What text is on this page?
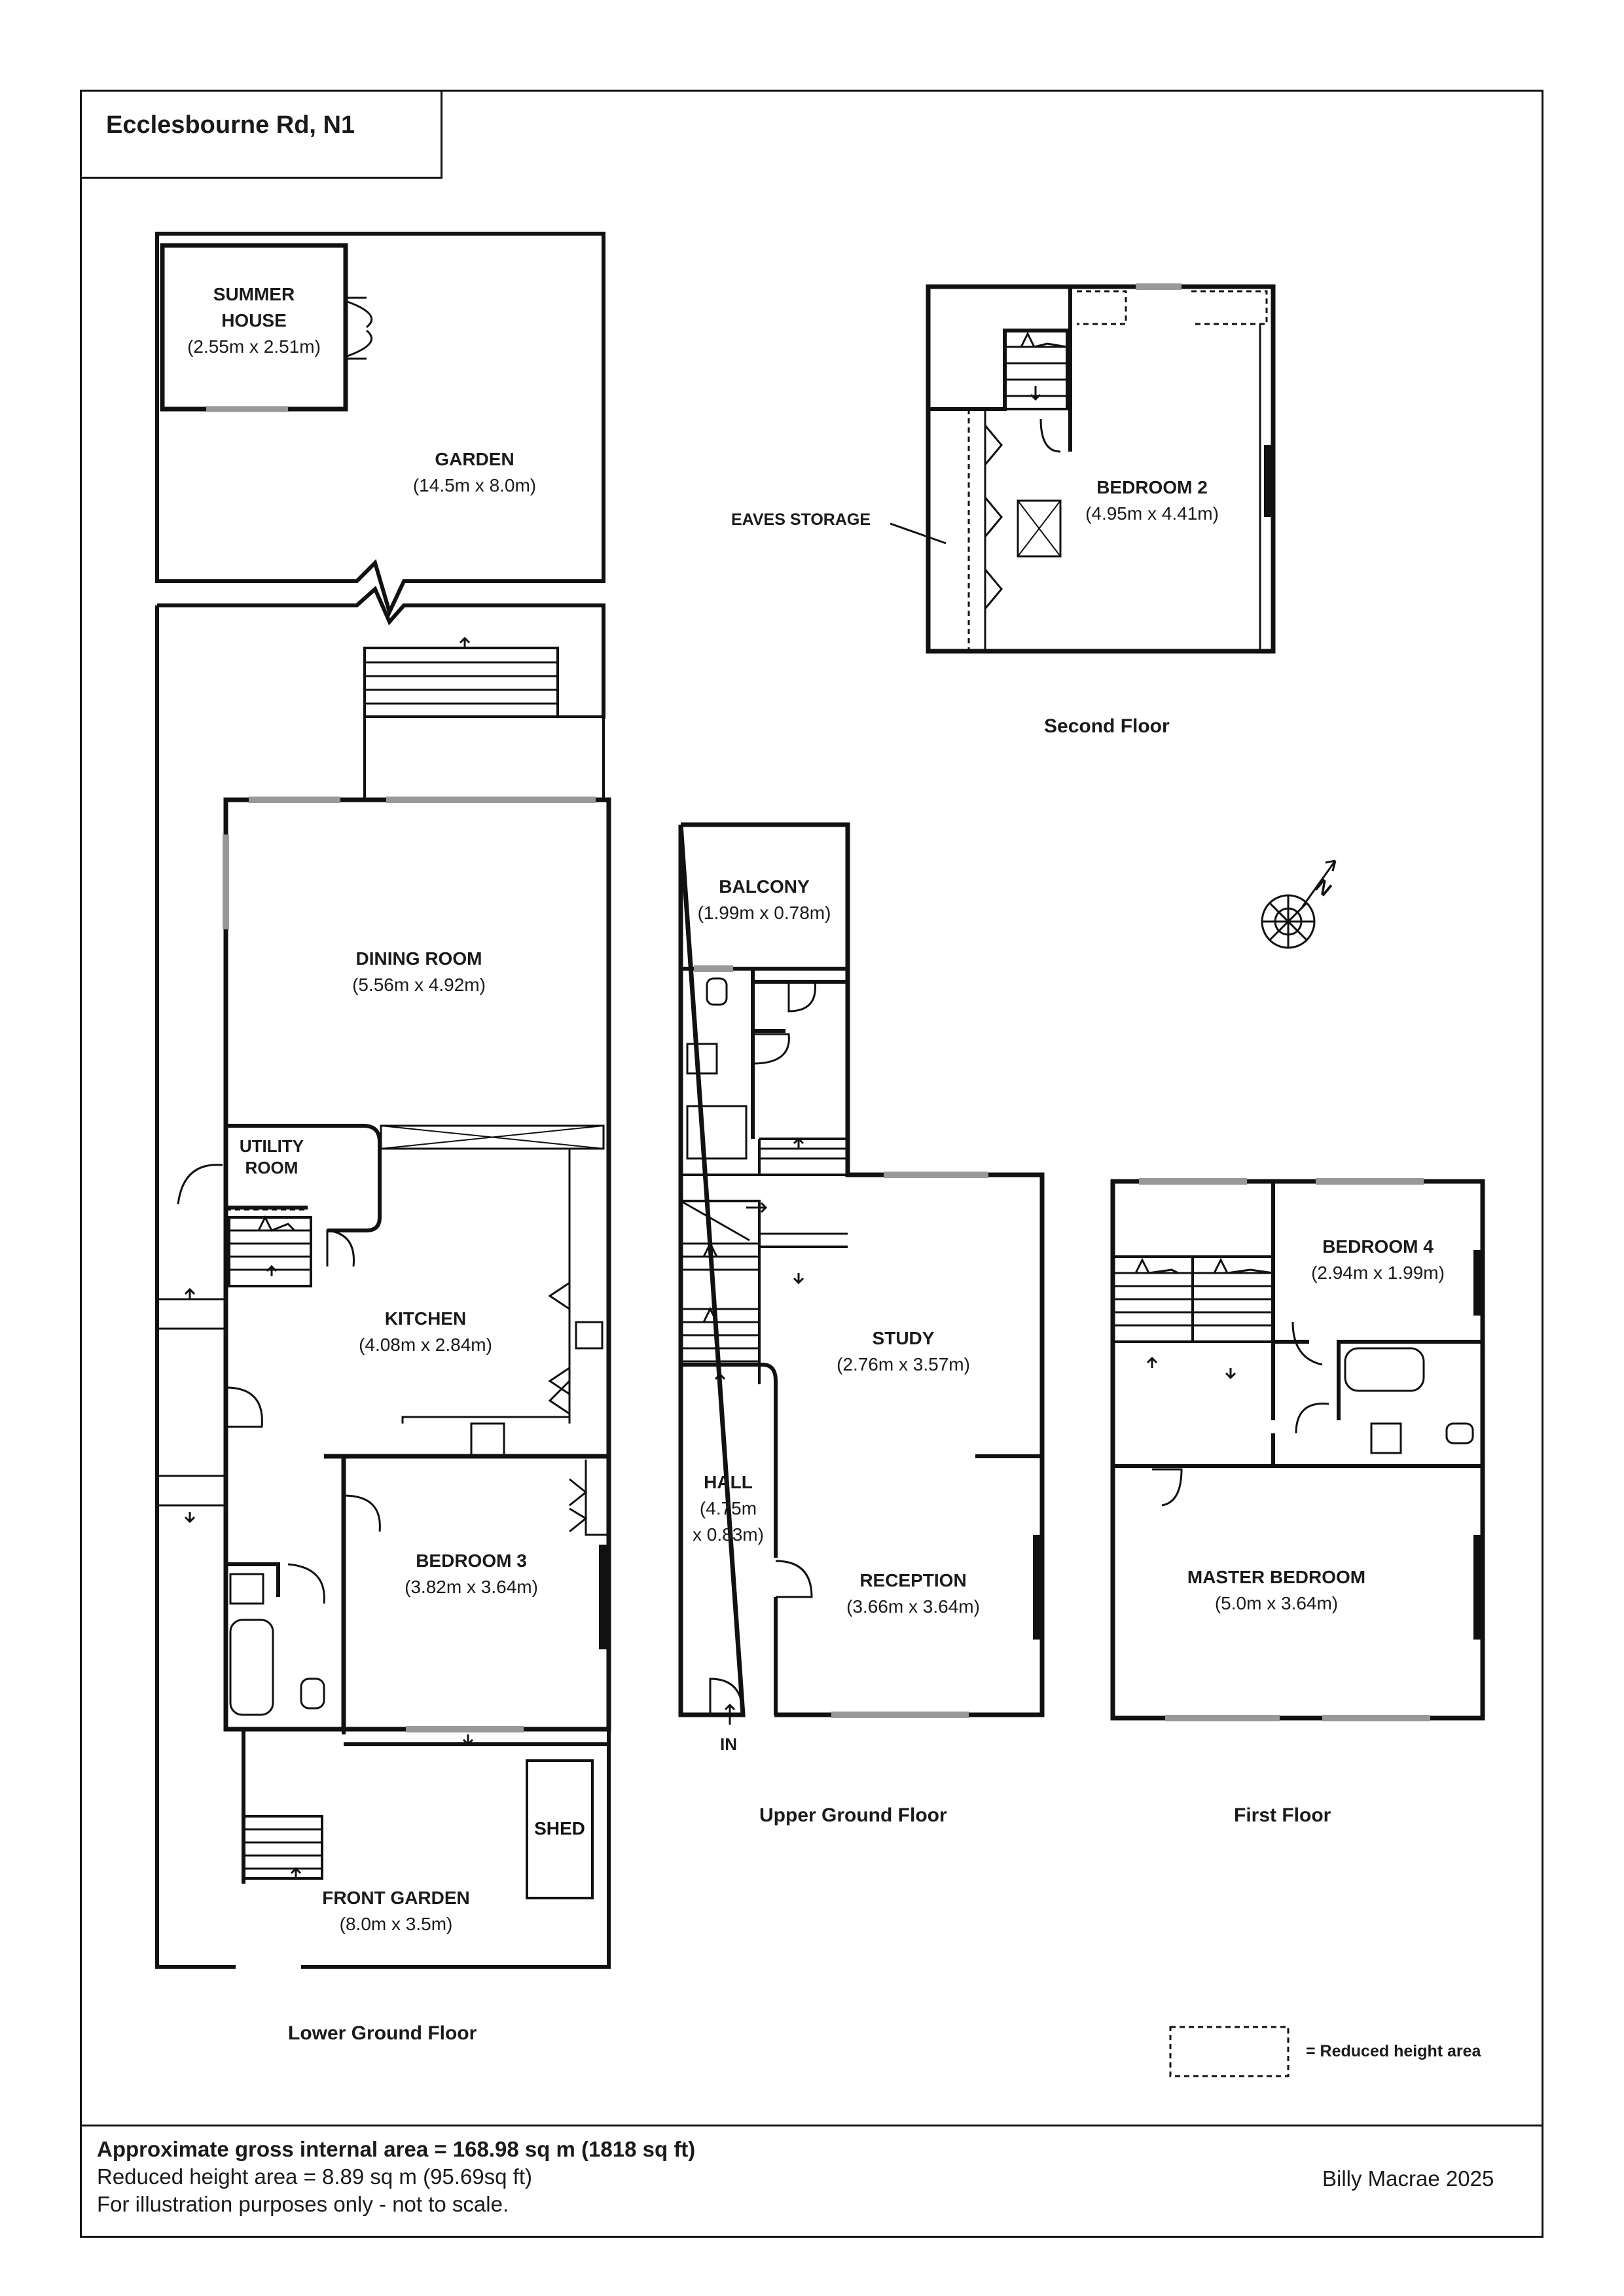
Ecclesbourne Rd, N1
N
SHED
SUMMER
HOUSE
(2.55m x 2.51m)
GARDEN
(14.5m x 8.0m)
DINING ROOM
(5.56m x 4.92m)
UTILITY
ROOM
KITCHEN
(4.08m x 2.84m)
BEDROOM 3
(3.82m x 3.64m)
FRONT GARDEN
(8.0m x 3.5m)
BALCONY
(1.99m x 0.78m)
STUDY
(2.76m x 3.57m)
HALL
(4.75m
x 0.83m)
RECEPTION
(3.66m x 3.64m)
IN
BEDROOM 2
(4.95m x 4.41m)
EAVES STORAGE
BEDROOM 4
(2.94m x 1.99m)
MASTER BEDROOM
(5.0m x 3.64m)
Lower Ground Floor
Upper Ground Floor	First Floor
Second Floor
= Reduced height area
Approximate gross internal area = 168.98 sq m (1818 sq ft)
Reduced height area = 8.89 sq m (95.69sq ft)
For illustration purposes only - not to scale.
Billy Macrae 2025
